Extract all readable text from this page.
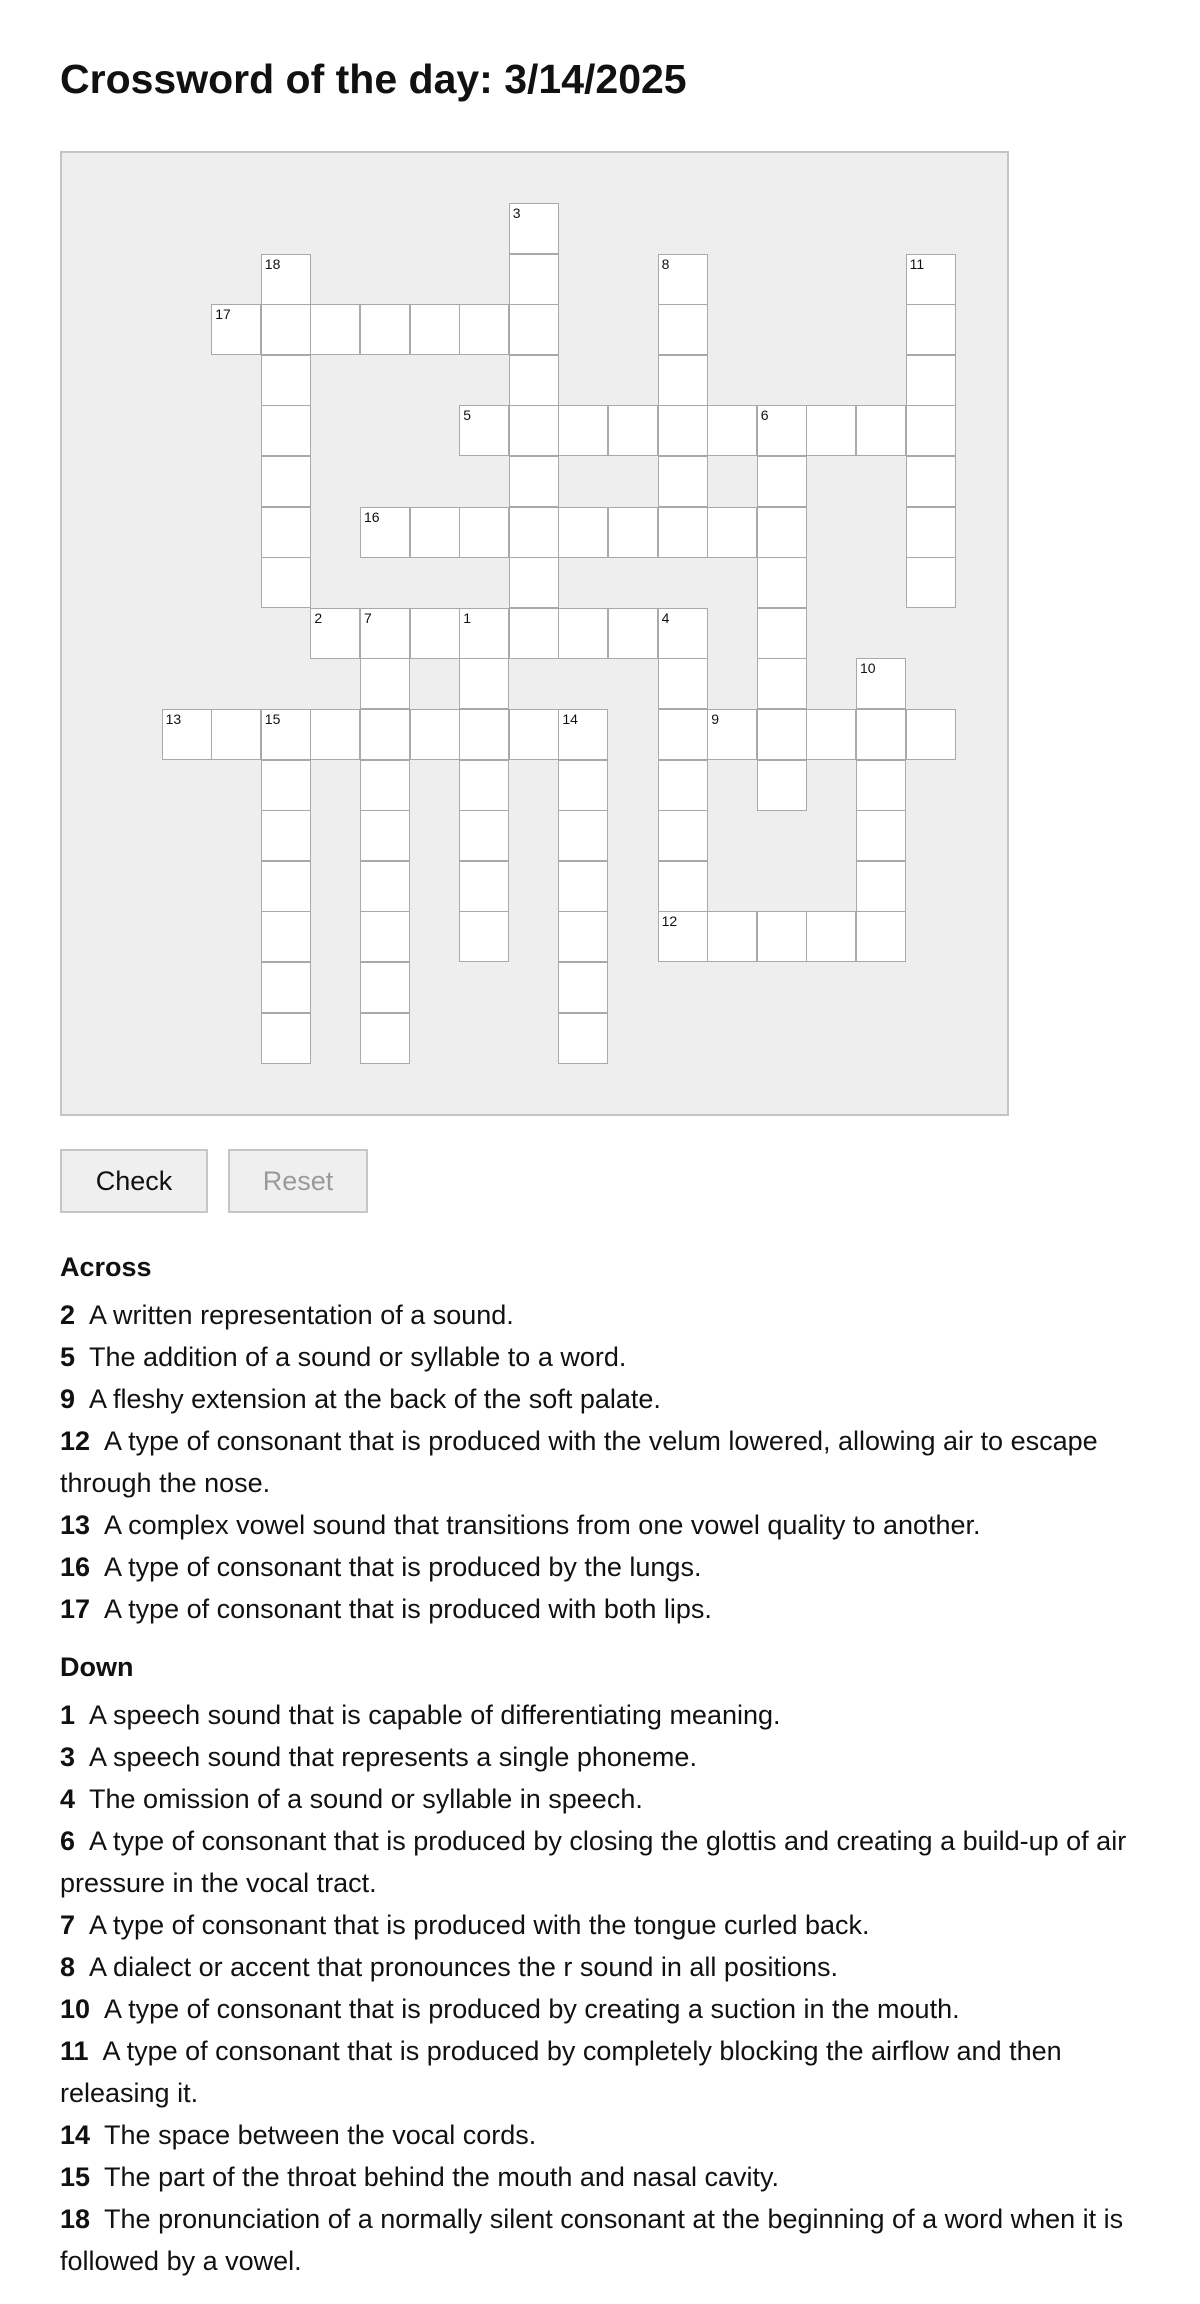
Crossword of the day: 3/14/2025
3
18	8	11
17
5	6
16
2	7	1	4
12
10
13	15	14	9
Check	Reset
Across
2 A written representation of a sound.
5 The addition of a sound or syllable to a word.
9 A fleshy extension at the back of the soft palate.
12 A type of consonant that is produced with the velum lowered, allowing air to escape through the nose.
13 A complex vowel sound that transitions from one vowel quality to another.
16 A type of consonant that is produced by the lungs.
17 A type of consonant that is produced with both lips.
Down
1 A speech sound that is capable of differentiating meaning.
3 A speech sound that represents a single phoneme.
4 The omission of a sound or syllable in speech.
6 A type of consonant that is produced by closing the glottis and creating a build-up of air pressure in the vocal tract.
7 A type of consonant that is produced with the tongue curled back.
8 A dialect or accent that pronounces the r sound in all positions.
10 A type of consonant that is produced by creating a suction in the mouth.
11 A type of consonant that is produced by completely blocking the airflow and then releasing it.
14 The space between the vocal cords.
15 The part of the throat behind the mouth and nasal cavity.
18 The pronunciation of a normally silent consonant at the beginning of a word when it is followed by a vowel.
